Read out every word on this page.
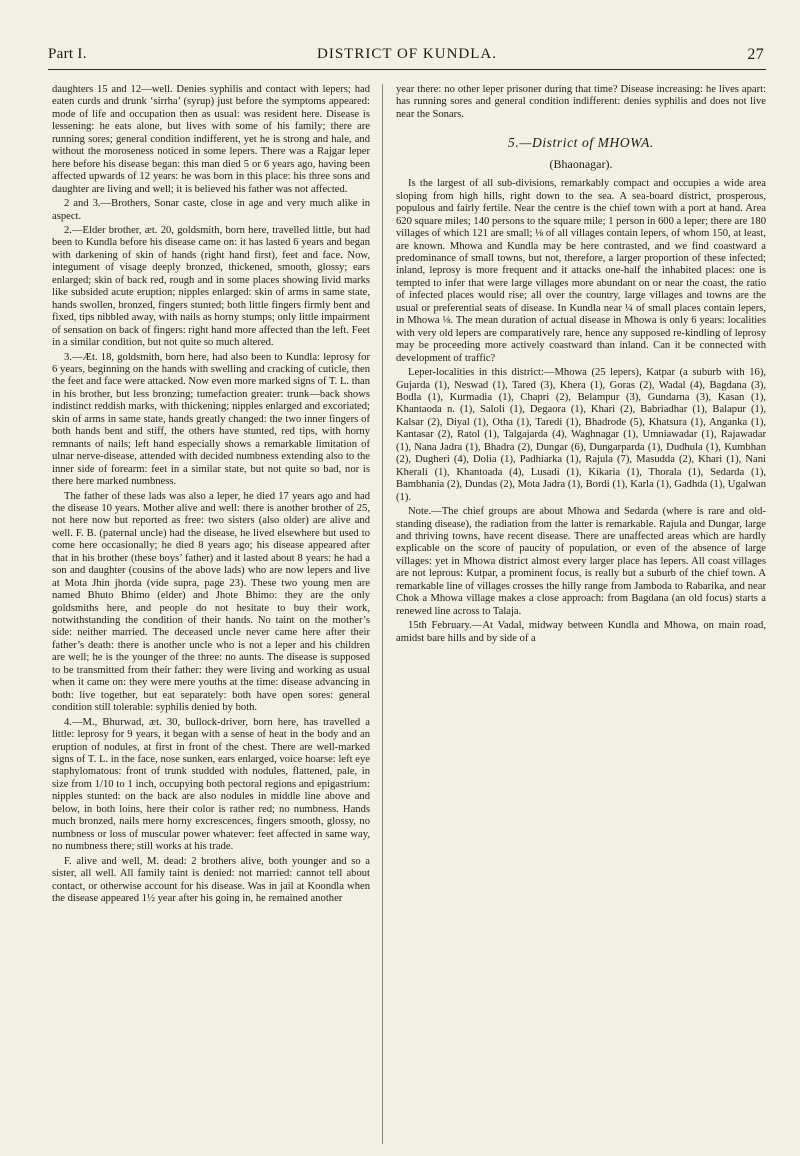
Part I.	DISTRICT OF KUNDLA.	27

daughters 15 and 12—well. Denies syphilis and contact with lepers; had eaten curds and drunk ‘sirrha’ (syrup) just before the symptoms appeared: mode of life and occupation then as usual: was resident here. Disease is lessening: he eats alone, but lives with some of his family; there are running sores; general condition indifferent, yet he is strong and hale, and without the moroseness noticed in some lepers. There was a Rajgar leper here before his disease began: this man died 5 or 6 years ago, having been affected upwards of 12 years: he was born in this place: his three sons and daughter are living and well; it is believed his father was not affected.

2 and 3.—Brothers, Sonar caste, close in age and very much alike in aspect.

2.—Elder brother, æt. 20, goldsmith, born here, travelled little, but had been to Kundla before his disease came on: it has lasted 6 years and began with darkening of skin of hands (right hand first), feet and face. Now, integument of visage deeply bronzed, thickened, smooth, glossy; ears enlarged; skin of back red, rough and in some places showing livid marks like subsided acute eruption; nipples enlarged: skin of arms in same state, hands swollen, bronzed, fingers stunted; both little fingers firmly bent and fixed, tips nibbled away, with nails as horny stumps; only little impairment of sensation on back of fingers: right hand more affected than the left. Feet in a similar condition, but not quite so much altered.

3.—Æt. 18, goldsmith, born here, had also been to Kundla: leprosy for 6 years, beginning on the hands with swelling and cracking of cuticle, then the feet and face were attacked. Now even more marked signs of T. L. than in his brother, but less bronzing; tumefaction greater: trunk—back shows indistinct reddish marks, with thickening; nipples enlarged and excoriated; skin of arms in same state, hands greatly changed: the two inner fingers of both hands bent and stiff, the others have stunted, red tips, with horny remnants of nails; left hand especially shows a remarkable limitation of ulnar nerve-disease, attended with decided numbness extending also to the inner side of forearm: feet in a similar state, but not quite so bad, nor is there here marked numbness.

The father of these lads was also a leper, he died 17 years ago and had the disease 10 years. Mother alive and well: there is another brother of 25, not here now but reported as free: two sisters (also older) are alive and well. F. B. (paternal uncle) had the disease, he lived elsewhere but used to come here occasionally; he died 8 years ago; his disease appeared after that in his brother (these boys’ father) and it lasted about 8 years: he had a son and daughter (cousins of the above lads) who are now lepers and live at Mota Jhin jhorda (vide supra, page 23). These two young men are named Bhuto Bhimo (elder) and Jhote Bhimo: they are the only goldsmiths here, and people do not hesitate to buy their work, notwithstanding the condition of their hands. No taint on the mother’s side: neither married. The deceased uncle never came here after their father’s death: there is another uncle who is not a leper and his children are well; he is the younger of the three: no aunts. The disease is supposed to be transmitted from their father: they were living and working as usual when it came on: they were mere youths at the time: disease advancing in both: live together, but eat separately: both have open sores: general condition still tolerable: syphilis denied by both.

4.—M., Bhurwad, æt. 30, bullock-driver, born here, has travelled a little: leprosy for 9 years, it began with a sense of heat in the body and an eruption of nodules, at first in front of the chest. There are well-marked signs of T. L. in the face, nose sunken, ears enlarged, voice hoarse: left eye staphylomatous: front of trunk studded with nodules, flattened, pale, in size from 1/10 to 1 inch, occupying both pectoral regions and epigastrium: nipples stunted: on the back are also nodules in middle line above and below, in both loins, here their color is rather red; no numbness. Hands much bronzed, nails mere horny excrescences, fingers smooth, glossy, no numbness or loss of muscular power whatever: feet affected in same way, no numbness there; still works at his trade.

F. alive and well, M. dead: 2 brothers alive, both younger and so a sister, all well. All family taint is denied: not married: cannot tell about contact, or otherwise account for his disease. Was in jail at Koondla when the disease appeared 1½ year after his going in, he remained another

year there: no other leper prisoner during that time? Disease increasing: he lives apart: has running sores and general condition indifferent: denies syphilis and does not live near the Sonars.

5.—District of MHOWA.
(Bhaonagar).

Is the largest of all sub-divisions, remarkably compact and occupies a wide area sloping from high hills, right down to the sea. A sea-board district, prosperous, populous and fairly fertile. Near the centre is the chief town with a port at hand. Area 620 square miles; 140 persons to the square mile; 1 person in 600 a leper; there are 180 villages of which 121 are small; ⅛ of all villages contain lepers, of whom 150, at least, are known. Mhowa and Kundla may be here contrasted, and we find coastward a predominance of small towns, but not, therefore, a larger proportion of these infected; inland, leprosy is more frequent and it attacks one-half the inhabited places: one is tempted to infer that were large villages more abundant on or near the coast, the ratio of infected places would rise; all over the country, large villages and towns are the usual or preferential seats of disease. In Kundla near ¼ of small places contain lepers, in Mhowa ⅛. The mean duration of actual disease in Mhowa is only 6 years: localities with very old lepers are comparatively rare, hence any supposed re-kindling of leprosy may be proceeding more actively coastward than inland. Can it be connected with development of traffic?

Leper-localities in this district:—Mhowa (25 lepers), Katpar (a suburb with 16), Gujarda (1), Neswad (1), Tared (3), Khera (1), Goras (2), Wadal (4), Bagdana (3), Bodla (1), Kurmadia (1), Chapri (2), Belampur (3), Gundarna (3), Kasan (1), Khantaoda n. (1), Saloli (1), Degaora (1), Khari (2), Babriadhar (1), Balapur (1), Kalsar (2), Diyal (1), Otha (1), Taredi (1), Bhadrode (5), Khatsura (1), Anganka (1), Kantasar (2), Ratol (1), Talgajarda (4), Waghnagar (1), Umniawadar (1), Rajawadar (1), Nana Jadra (1), Bhadra (2), Dungar (6), Dungarparda (1), Dudhula (1), Kumbhan (2), Dugheri (4), Dolia (1), Padhiarka (1), Rajula (7), Masudda (2), Khari (1), Nani Kherali (1), Khantoada (4), Lusadi (1), Kikaria (1), Thorala (1), Sedarda (1), Bambhania (2), Dundas (2), Mota Jadra (1), Bordi (1), Karla (1), Gadhda (1), Ugalwan (1).

Note.—The chief groups are about Mhowa and Sedarda (where is rare and old-standing disease), the radiation from the latter is remarkable. Rajula and Dungar, large and thriving towns, have recent disease. There are unaffected areas which are hardly explicable on the score of paucity of population, or even of the absence of large villages: yet in Mhowa district almost every larger place has lepers. All coast villages are not leprous: Kutpar, a prominent focus, is really but a suburb of the chief town. A remarkable line of villages crosses the hilly range from Jamboda to Rabarika, and near Chok a Mhowa village makes a close approach: from Bagdana (an old focus) starts a renewed line across to Talaja.

15th February.—At Vadal, midway between Kundla and Mhowa, on main road, amidst bare hills and by side of a
